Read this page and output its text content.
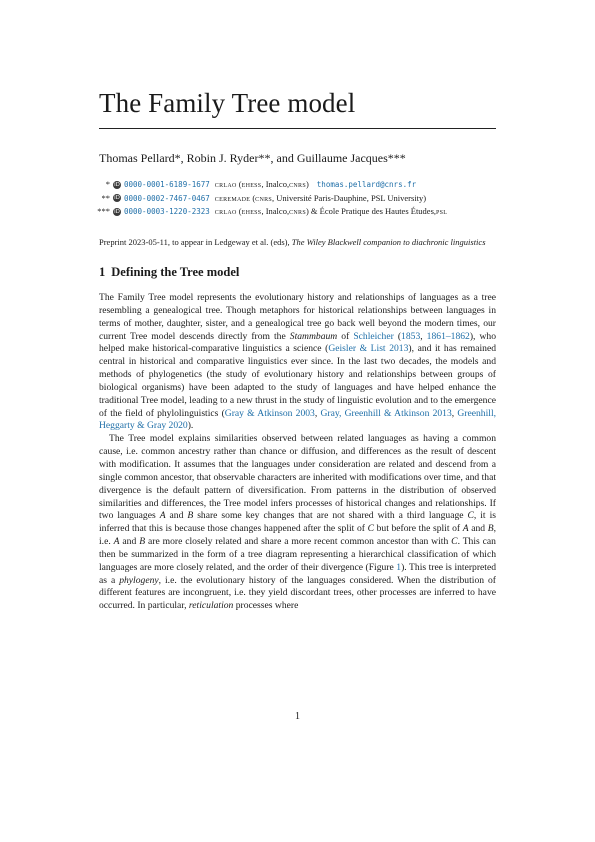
The Family Tree model
Thomas Pellard*, Robin J. Ryder**, and Guillaume Jacques***
* iD 0000-0001-6189-1677 crlao
( ehess , Inalco, cnrs ) thomas.pellard@cnrs.fr
** iD 0000-0002-7467-0467 ceremade
( cnrs , Université Paris-Dauphine, PSL University)
*** iD 0000-0003-1220-2323 crlao
( ehess , Inalco, cnrs ) & École Pratique des Hautes Études, psl
Preprint 2023-05-11, to appear in Ledgeway et al. (eds), The Wiley Blackwell companion to diachronic linguistics
1 Defining the Tree model

The Family Tree model represents the evolutionary history and relationships of languages as a tree resembling a genealogical tree. Though metaphors for historical relationships between languages in terms of mother, daughter, sister, and a genealogical tree go back well beyond the modern times, our current Tree model descends directly from the Stammbaum of Schleicher (1853, 1861–1862), who helped make historical-comparative linguistics a science (Geisler & List 2013), and it has remained central in historical and comparative linguistics ever since. In the last two decades, the models and methods of phylogenetics (the study of evolutionary history and relationships between groups of biological organisms) have been adapted to the study of languages and have helped enhance the traditional Tree model, leading to a new thrust in the study of linguistic evolution and to the emergence of the field of phylolinguistics (Gray & Atkinson 2003, Gray, Greenhill & Atkinson 2013, Greenhill, Heggarty & Gray 2020).

The Tree model explains similarities observed between related languages as having a common cause, i.e. common ancestry rather than chance or diffusion, and differences as the result of descent with modification. It assumes that the languages under consideration are related and descend from a single common ancestor, that observable characters are inherited with modifications over time, and that divergence is the default pattern of diversification. From patterns in the distribution of observed similarities and differences, the Tree model infers processes of historical changes and relationships. If two languages A and B share some key changes that are not shared with a third language C, it is inferred that this is because those changes happened after the split of C but before the split of A and B, i.e. A and B are more closely related and share a more recent common ancestor than with C. This can then be summarized in the form of a tree diagram representing a hierarchical classification of which languages are more closely related, and the order of their divergence (Figure 1). This tree is interpreted as a phylogeny, i.e. the evolutionary history of the languages considered. When the distribution of different features are incongruent, i.e. they yield discordant trees, other processes are inferred to have occurred. In particular, reticulation processes where

1
